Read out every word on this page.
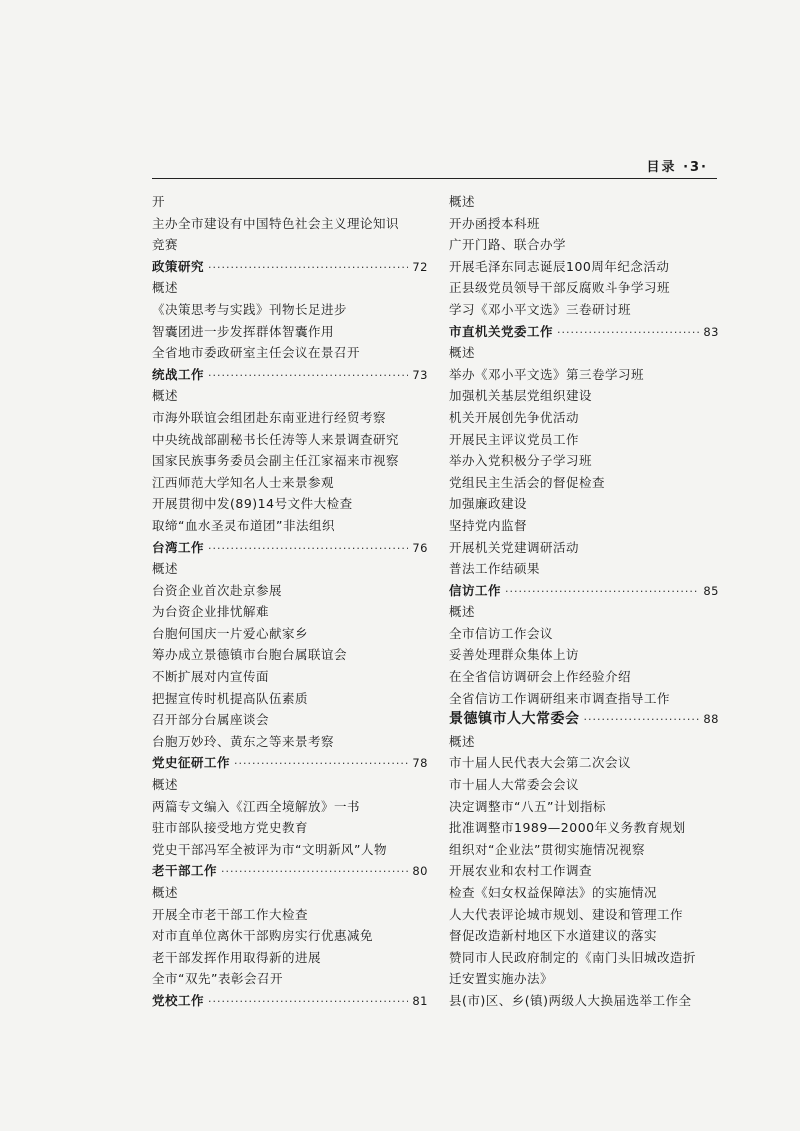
目录 ·3·
开
主办全市建设有中国特色社会主义理论知识
竞赛
政策研究 ·····	72
概述
《决策思考与实践》刊物长足进步
智囊团进一步发挥群体智囊作用
全省地市委政研室主任会议在景召开
统战工作 ·····	73
概述
市海外联谊会组团赴东南亚进行经贸考察
中央统战部副秘书长任涛等人来景调查研究
国家民族事务委员会副主任江家福来市视察
江西师范大学知名人士来景参观
开展贯彻中发(89)14号文件大检查
取缔“血水圣灵布道团”非法组织
台湾工作 ·····	76
概述
台资企业首次赴京参展
为台资企业排忧解难
台胞何国庆一片爱心献家乡
筹办成立景德镇市台胞台属联谊会
不断扩展对内宣传面
把握宣传时机提高队伍素质
召开部分台属座谈会
台胞万妙玲、黄东之等来景考察
党史征研工作 ·····	78
概述
两篇专文编入《江西全境解放》一书
驻市部队接受地方党史教育
党史干部冯军全被评为市“文明新风”人物
老干部工作 ·····	80
概述
开展全市老干部工作大检查
对市直单位离休干部购房实行优惠减免
老干部发挥作用取得新的进展
全市“双先”表彰会召开
党校工作 ·····	81
概述
开办函授本科班
广开门路、联合办学
开展毛泽东同志诞辰100周年纪念活动
正县级党员领导干部反腐败斗争学习班
学习《邓小平文选》三卷研讨班
市直机关党委工作 ·····	83
概述
举办《邓小平文选》第三卷学习班
加强机关基层党组织建设
机关开展创先争优活动
开展民主评议党员工作
举办入党积极分子学习班
党组民主生活会的督促检查
加强廉政建设
坚持党内监督
开展机关党建调研活动
普法工作结硕果
信访工作 ·····	85
概述
全市信访工作会议
妥善处理群众集体上访
在全省信访调研会上作经验介绍
全省信访工作调研组来市调查指导工作
景德镇市人大常委会 ·····	88
概述
市十届人民代表大会第二次会议
市十届人大常委会会议
决定调整市“八五”计划指标
批准调整市1989—2000年义务教育规划
组织对“企业法”贯彻实施情况视察
开展农业和农村工作调查
检查《妇女权益保障法》的实施情况
人大代表评论城市规划、建设和管理工作
督促改造新村地区下水道建议的落实
赞同市人民政府制定的《南门头旧城改造折
迁安置实施办法》
县(市)区、乡(镇)两级人大换届选举工作全
